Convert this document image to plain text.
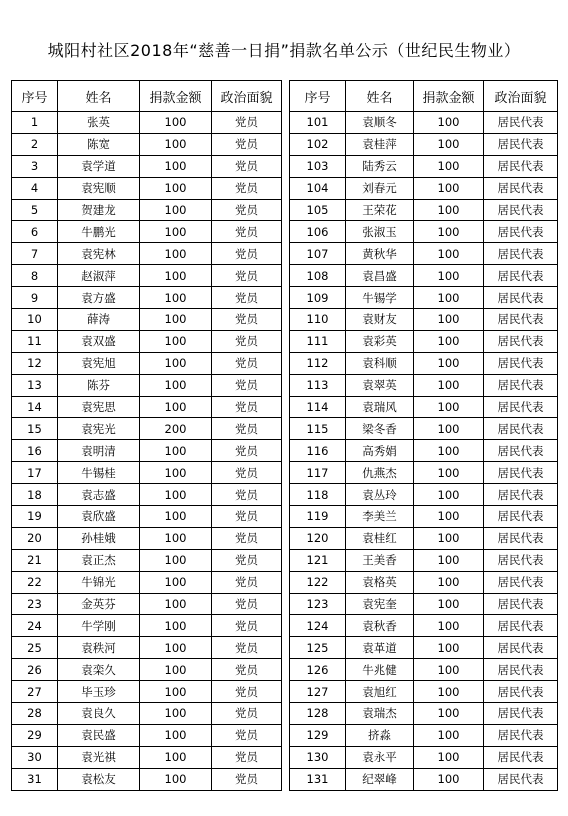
城阳村社区2018年“慈善一日捐”捐款名单公示（世纪民生物业）
序号	姓名	捐款金额	政治面貌
1	张英	100	党员
2	陈宽	100	党员
3	袁学道	100	党员
4	袁宪顺	100	党员
5	贺建龙	100	党员
6	牛鹏光	100	党员
7	袁宪林	100	党员
8	赵淑萍	100	党员
9	袁方盛	100	党员
10	薛涛	100	党员
11	袁双盛	100	党员
12	袁宪旭	100	党员
13	陈芬	100	党员
14	袁宪思	100	党员
15	袁宪光	200	党员
16	袁明清	100	党员
17	牛锡桂	100	党员
18	袁志盛	100	党员
19	袁欣盛	100	党员
20	孙桂娥	100	党员
21	袁正杰	100	党员
22	牛锦光	100	党员
23	金英芬	100	党员
24	牛学刚	100	党员
25	袁秩河	100	党员
26	袁栾久	100	党员
27	毕玉珍	100	党员
28	袁良久	100	党员
29	袁民盛	100	党员
30	袁光祺	100	党员
31	袁松友	100	党员
序号	姓名	捐款金额	政治面貌
101	袁顺冬	100	居民代表
102	袁桂萍	100	居民代表
103	陆秀云	100	居民代表
104	刘春元	100	居民代表
105	王荣花	100	居民代表
106	张淑玉	100	居民代表
107	黄秋华	100	居民代表
108	袁昌盛	100	居民代表
109	牛锡学	100	居民代表
110	袁财友	100	居民代表
111	袁彩英	100	居民代表
112	袁科顺	100	居民代表
113	袁翠英	100	居民代表
114	袁瑞风	100	居民代表
115	梁冬香	100	居民代表
116	高秀娟	100	居民代表
117	仇燕杰	100	居民代表
118	袁丛玲	100	居民代表
119	李美兰	100	居民代表
120	袁桂红	100	居民代表
121	王美香	100	居民代表
122	袁格英	100	居民代表
123	袁宪奎	100	居民代表
124	袁秋香	100	居民代表
125	袁革道	100	居民代表
126	牛兆健	100	居民代表
127	袁旭红	100	居民代表
128	袁瑞杰	100	居民代表
129	挤淼	100	居民代表
130	袁永平	100	居民代表
131	纪翠峰	100	居民代表
